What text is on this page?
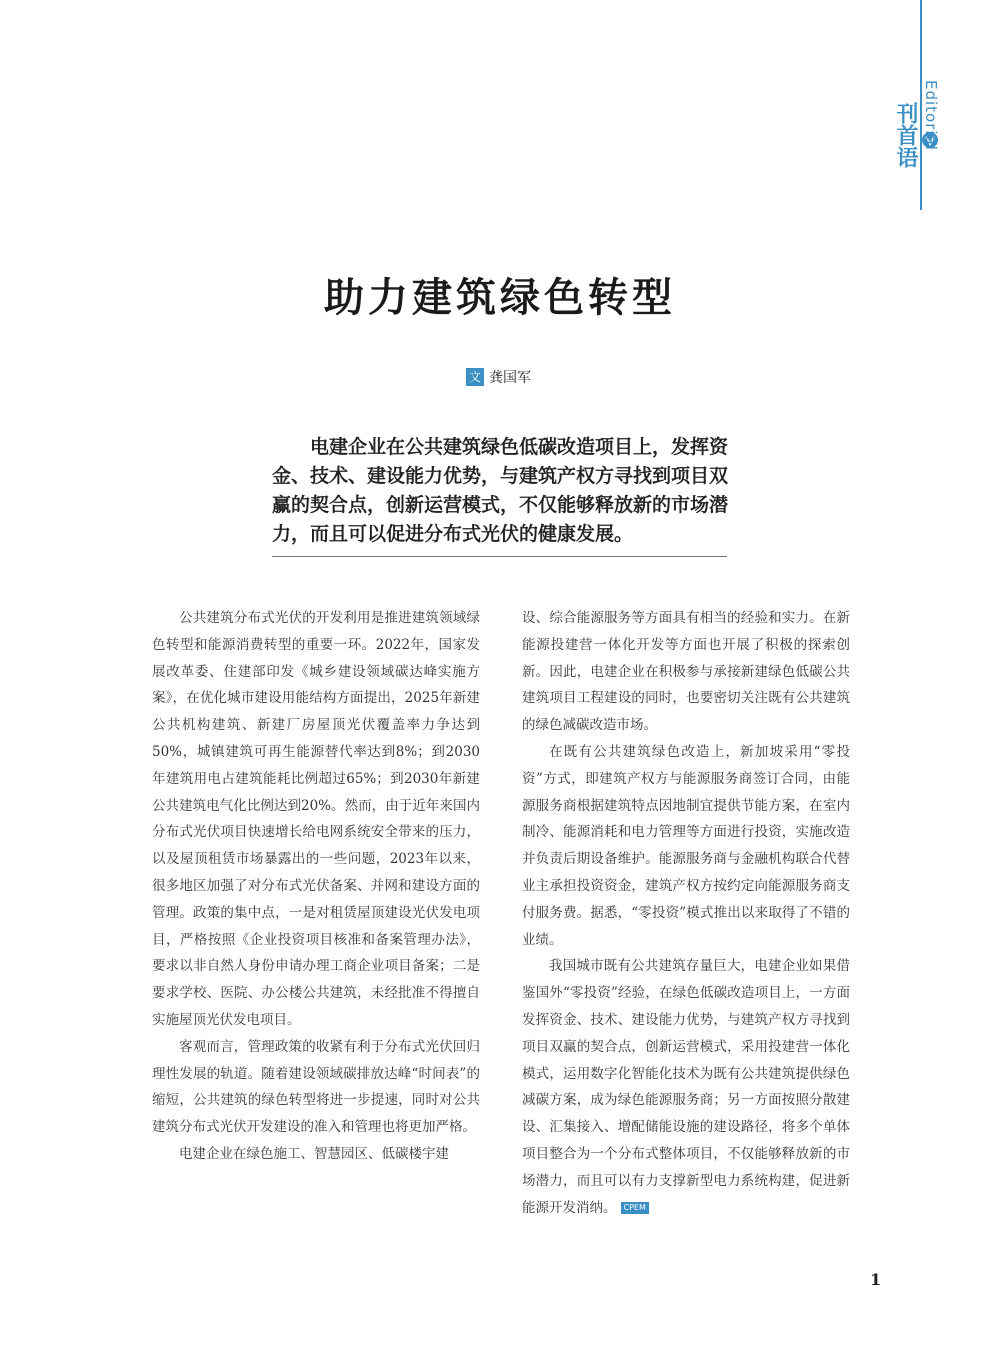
Editorial
刊首语
助力建筑绿色转型
文 龚国军
电建企业在公共建筑绿色低碳改造项目上，发挥资金、技术、建设能力优势，与建筑产权方寻找到项目双赢的契合点，创新运营模式，不仅能够释放新的市场潜力，而且可以促进分布式光伏的健康发展。

公共建筑分布式光伏的开发利用是推进建筑领域绿色转型和能源消费转型的重要一环。2022年，国家发展改革委、住建部印发《城乡建设领域碳达峰实施方案》，在优化城市建设用能结构方面提出，2025年新建公共机构建筑、新建厂房屋顶光伏覆盖率力争达到50%，城镇建筑可再生能源替代率达到8%；到2030年建筑用电占建筑能耗比例超过65%；到2030年新建公共建筑电气化比例达到20%。然而，由于近年来国内分布式光伏项目快速增长给电网系统安全带来的压力，以及屋顶租赁市场暴露出的一些问题，2023年以来，很多地区加强了对分布式光伏备案、并网和建设方面的管理。政策的集中点，一是对租赁屋顶建设光伏发电项目，严格按照《企业投资项目核准和备案管理办法》，要求以非自然人身份申请办理工商企业项目备案；二是要求学校、医院、办公楼公共建筑，未经批准不得擅自实施屋顶光伏发电项目。

客观而言，管理政策的收紧有利于分布式光伏回归理性发展的轨道。随着建设领域碳排放达峰“时间表”的缩短，公共建筑的绿色转型将进一步提速，同时对公共建筑分布式光伏开发建设的准入和管理也将更加严格。

电建企业在绿色施工、智慧园区、低碳楼宇建

设、综合能源服务等方面具有相当的经验和实力。在新能源投建营一体化开发等方面也开展了积极的探索创新。因此，电建企业在积极参与承接新建绿色低碳公共建筑项目工程建设的同时，也要密切关注既有公共建筑的绿色减碳改造市场。

在既有公共建筑绿色改造上，新加坡采用“零投资”方式，即建筑产权方与能源服务商签订合同，由能源服务商根据建筑特点因地制宜提供节能方案，在室内制冷、能源消耗和电力管理等方面进行投资，实施改造并负责后期设备维护。能源服务商与金融机构联合代替业主承担投资资金，建筑产权方按约定向能源服务商支付服务费。据悉，“零投资”模式推出以来取得了不错的业绩。

我国城市既有公共建筑存量巨大，电建企业如果借鉴国外“零投资”经验，在绿色低碳改造项目上，一方面发挥资金、技术、建设能力优势，与建筑产权方寻找到项目双赢的契合点，创新运营模式，采用投建营一体化模式，运用数字化智能化技术为既有公共建筑提供绿色减碳方案，成为绿色能源服务商；另一方面按照分散建设、汇集接入、增配储能设施的建设路径，将多个单体项目整合为一个分布式整体项目，不仅能够释放新的市场潜力，而且可以有力支撑新型电力系统构建，促进新能源开发消纳。 CPEM

1
